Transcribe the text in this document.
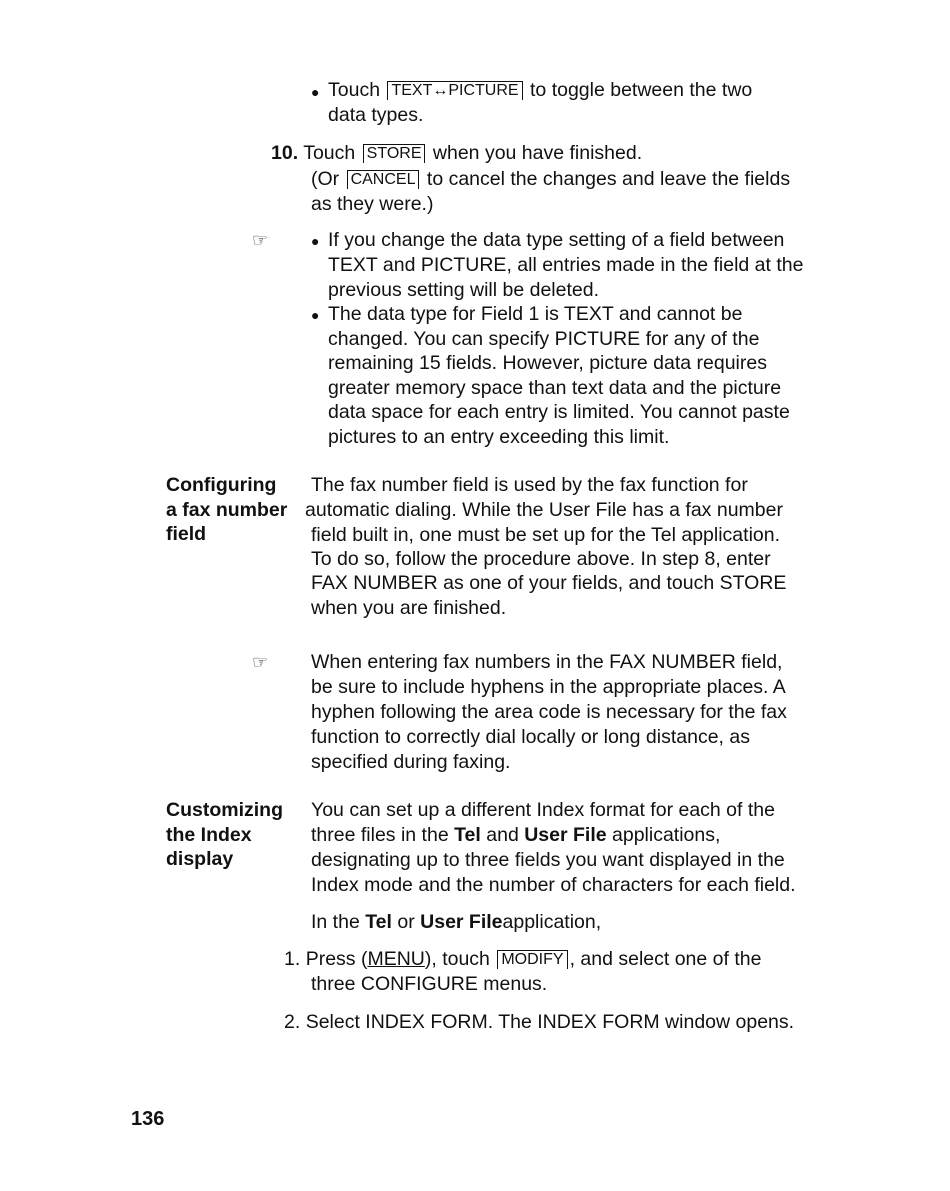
● Touch TEXT↔PICTURE to toggle between the two
data types.
10. Touch STORE when you have finished.
(Or CANCEL to cancel the changes and leave the fields
as they were.)
☞	● If you change the data type setting of a field between
TEXT and PICTURE, all entries made in the field at the
previous setting will be deleted.
● The data type for Field 1 is TEXT and cannot be
changed. You can specify PICTURE for any of the
remaining 15 fields. However, picture data requires
greater memory space than text data and the picture
data space for each entry is limited. You cannot paste
pictures to an entry exceeding this limit.
Configuring
a fax number
field
The fax number field is used by the fax function for
automatic dialing. While the User File has a fax number
field built in, one must be set up for the Tel application.
To do so, follow the procedure above. In step 8, enter
FAX NUMBER as one of your fields, and touch STORE
when you are finished.
☞ When entering fax numbers in the FAX NUMBER field,
be sure to include hyphens in the appropriate places. A
hyphen following the area code is necessary for the fax
function to correctly dial locally or long distance, as
specified during faxing.
Customizing
the Index
display
You can set up a different Index format for each of the
three files in the Tel and User File applications,
designating up to three fields you want displayed in the
Index mode and the number of characters for each field.
In the Tel or User Fileapplication,
1. Press (MENU), touch MODIFY , and select one of the
three CONFIGURE menus.
2. Select INDEX FORM. The INDEX FORM window opens.
136
